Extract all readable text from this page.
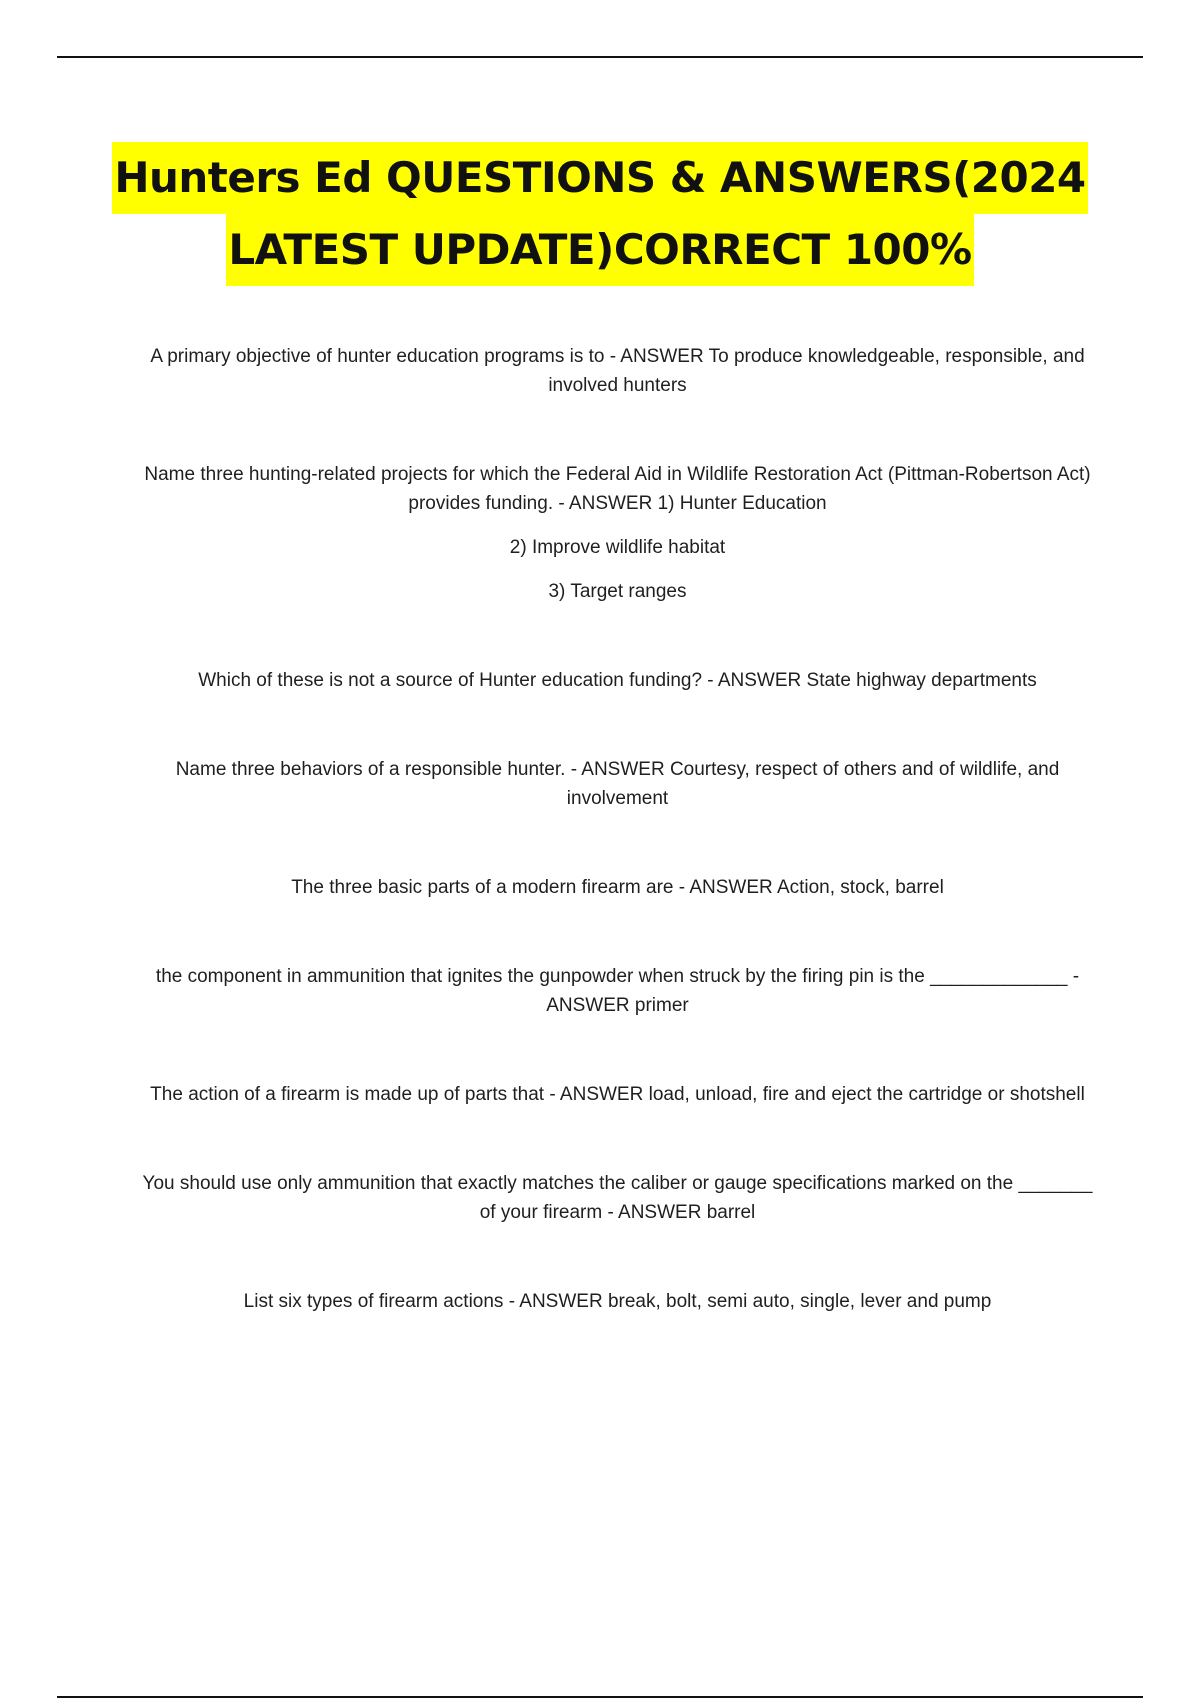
Hunters Ed QUESTIONS & ANSWERS(2024
LATEST UPDATE)CORRECT 100%

A primary objective of hunter education programs is to - ANSWER To produce knowledgeable, responsible, and involved hunters

Name three hunting-related projects for which the Federal Aid in Wildlife Restoration Act (Pittman-Robertson Act) provides funding. - ANSWER 1) Hunter Education

2) Improve wildlife habitat

3) Target ranges

Which of these is not a source of Hunter education funding? - ANSWER State highway departments

Name three behaviors of a responsible hunter. - ANSWER Courtesy, respect of others and of wildlife, and involvement

The three basic parts of a modern firearm are - ANSWER Action, stock, barrel

the component in ammunition that ignites the gunpowder when struck by the firing pin is the _____________ - ANSWER primer

The action of a firearm is made up of parts that - ANSWER load, unload, fire and eject the cartridge or shotshell

You should use only ammunition that exactly matches the caliber or gauge specifications marked on the _______ of your firearm - ANSWER barrel

List six types of firearm actions - ANSWER break, bolt, semi auto, single, lever and pump
